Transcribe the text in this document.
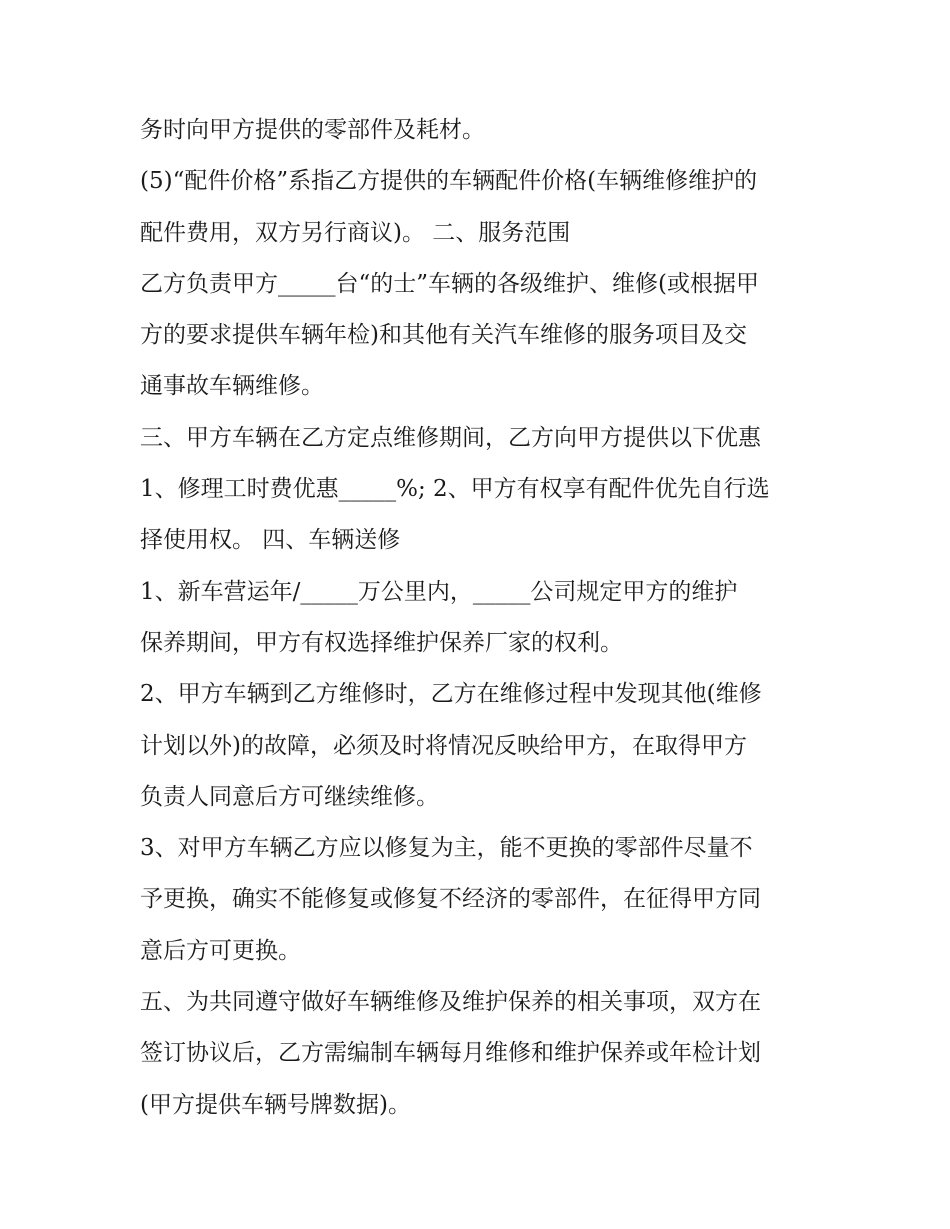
务时向甲方提供的零部件及耗材。
(5)“配件价格”系指乙方提供的车辆配件价格(车辆维修维护的
配件费用，双方另行商议)。 二、服务范围
乙方负责甲方_____台“的士”车辆的各级维护、维修(或根据甲
方的要求提供车辆年检)和其他有关汽车维修的服务项目及交
通事故车辆维修。
三、甲方车辆在乙方定点维修期间，乙方向甲方提供以下优惠
1、修理工时费优惠_____%; 2、甲方有权享有配件优先自行选
择使用权。 四、车辆送修
1、新车营运年/_____万公里内，_____公司规定甲方的维护
保养期间，甲方有权选择维护保养厂家的权利。
2、甲方车辆到乙方维修时，乙方在维修过程中发现其他(维修
计划以外)的故障，必须及时将情况反映给甲方，在取得甲方
负责人同意后方可继续维修。
3、对甲方车辆乙方应以修复为主，能不更换的零部件尽量不
予更换，确实不能修复或修复不经济的零部件，在征得甲方同
意后方可更换。
五、为共同遵守做好车辆维修及维护保养的相关事项，双方在
签订协议后，乙方需编制车辆每月维修和维护保养或年检计划
(甲方提供车辆号牌数据)。
